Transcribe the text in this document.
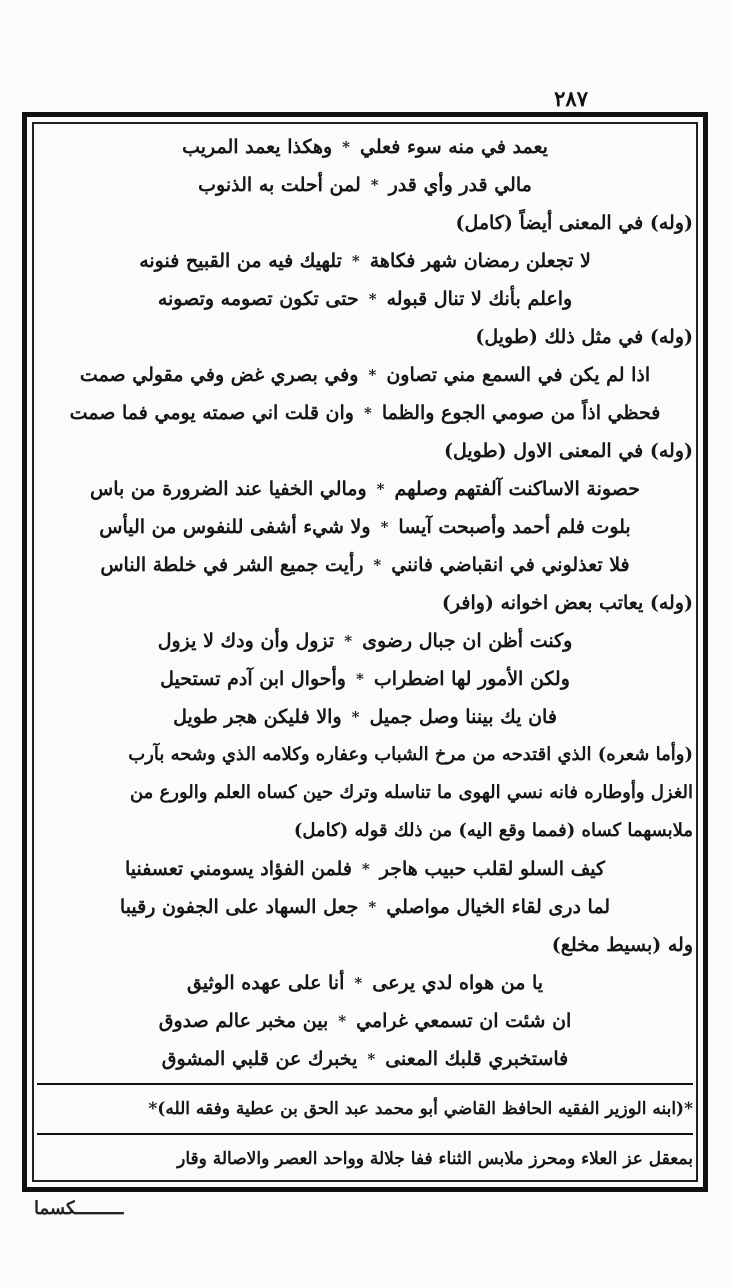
٢٨٧
يعمد في منه سوء فعلي
*
وهكذا يعمد المريب
مالي قدر وأي قدر
*
لمن أحلت به الذنوب
(وله) في المعنى أيضاً (كامل)
لا تجعلن رمضان شهر فكاهة
*
تلهيك فيه من القبيح فنونه
واعلم بأنك لا تنال قبوله
*
حتى تكون تصومه وتصونه
(وله) في مثل ذلك (طويل)
اذا لم يكن في السمع مني تصاون
*
وفي بصري غض وفي مقولي صمت
فحظي اذاً من صومي الجوع والظما
*
وان قلت اني صمته يومي فما صمت
(وله) في المعنى الاول (طويل)
حصونة الاساكنت آلفتهم وصلهم
*
ومالي الخفيا عند الضرورة من باس
بلوت فلم أحمد وأصبحت آيسا
*
ولا شيء أشفى للنفوس من اليأس
فلا تعذلوني في انقباضي فانني
*
رأيت جميع الشر في خلطة الناس
(وله) يعاتب بعض اخوانه (وافر)
وكنت أظن ان جبال رضوى
*
تزول وأن ودك لا يزول
ولكن الأمور لها اضطراب
*
وأحوال ابن آدم تستحيل
فان يك بيننا وصل جميل
*
والا فليكن هجر طويل
(وأما شعره) الذي اقتدحه من مرخ الشباب وعفاره وكلامه الذي وشحه بآرب
الغزل وأوطاره فانه نسي الهوى ما تناسله وترك حين كساه العلم والورع من
ملابسهما كساه (فمما وقع اليه) من ذلك قوله (كامل)
كيف السلو لقلب حبيب هاجر
*
فلمن الفؤاد يسومني تعسفنيا
لما درى لقاء الخيال مواصلي
*
جعل السهاد على الجفون رقيبا
وله (بسيط مخلع)
يا من هواه لدي يرعى
*
أنا على عهده الوثيق
ان شئت ان تسمعي غرامي
*
بين مخبر عالم صدوق
فاستخبري قلبك المعنى
*
يخبرك عن قلبي المشوق
*(ابنه الوزير الفقيه الحافظ القاضي أبو محمد عبد الحق بن عطية وفقه الله)*
بمعقل عز العلاء ومحرز ملابس الثناء ففا جلالة وواحد العصر والاصالة وقار
ـــــــــكسما
